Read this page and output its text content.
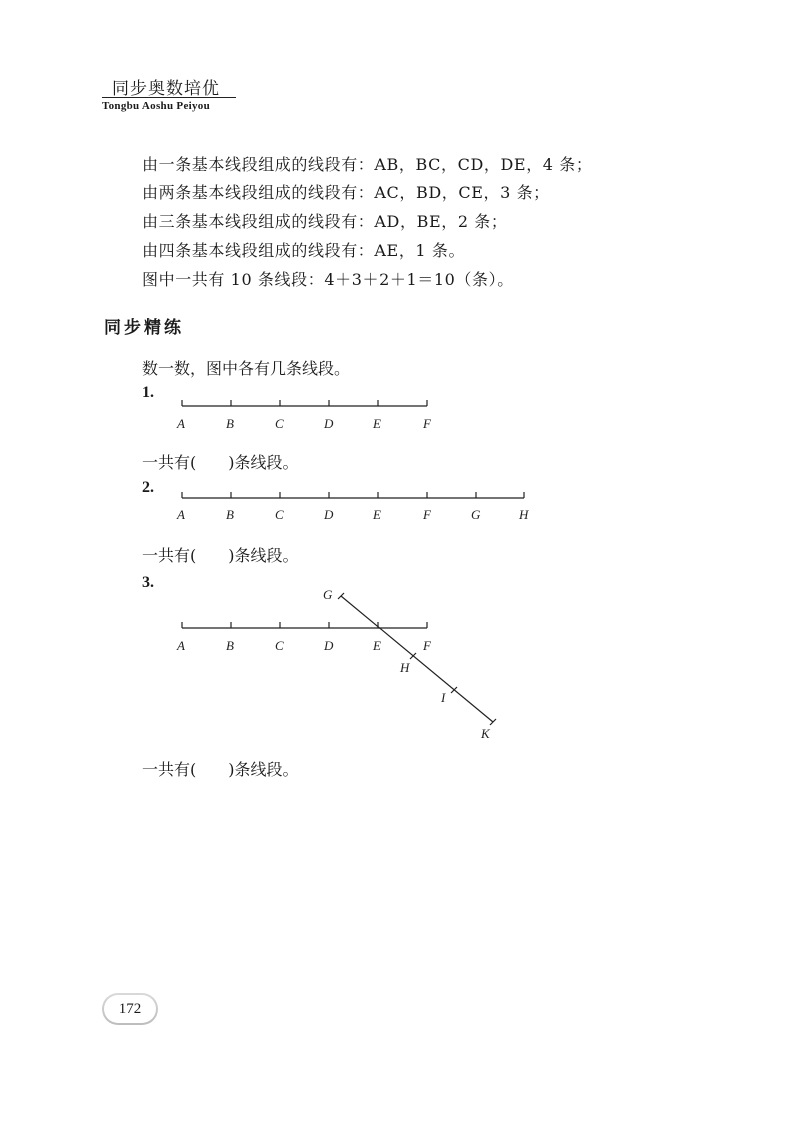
同步奥数培优
Tongbu Aoshu Peiyou
由一条基本线段组成的线段有：AB，BC，CD，DE，4 条；
由两条基本线段组成的线段有：AC，BD，CE，3 条；
由三条基本线段组成的线段有：AD，BE，2 条；
由四条基本线段组成的线段有：AE，1 条。
图中一共有 10 条线段：4＋3＋2＋1＝10（条）。
同步精练
数一数，图中各有几条线段。
1.
A	B	C	D	E	F
一共有(　　)条线段。
2.
A	B	C	D	E	F	G	H
一共有(　　)条线段。
3.
A	B	C	D	E	F
G
H
I
K
一共有(　　)条线段。
172
